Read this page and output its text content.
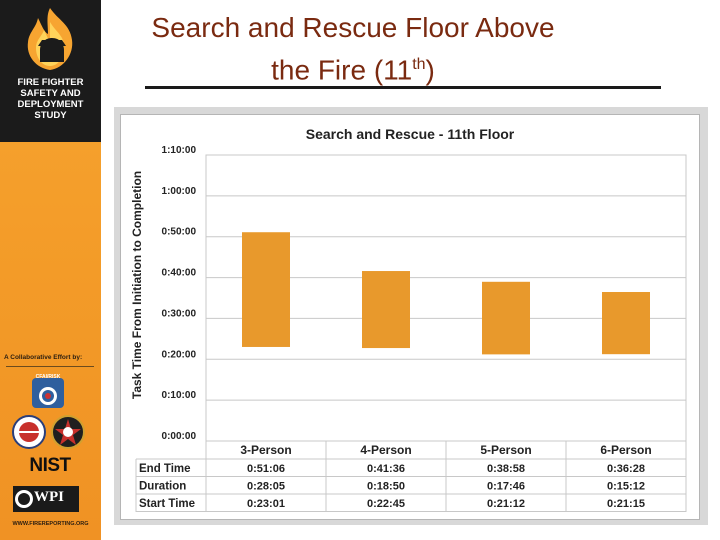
FIRE FIGHTER
SAFETY AND
DEPLOYMENT
STUDY
A Collaborative Effort by:
CFAI/RISK
NIST
WPI
WWW.FIREREPORTING.ORG
Search and Rescue Floor Above the Fire (11th)
Search and Rescue - 11th Floor
Task Time From Initiation to Completion
0:00:00
0:10:00
0:20:00
0:30:00
0:40:00
0:50:00
1:00:00
1:10:00
3-Person	4-Person	5-Person	6-Person
End Time	0:51:06	0:41:36	0:38:58	0:36:28
Duration	0:28:05	0:18:50	0:17:46	0:15:12
Start Time	0:23:01	0:22:45	0:21:12	0:21:15
